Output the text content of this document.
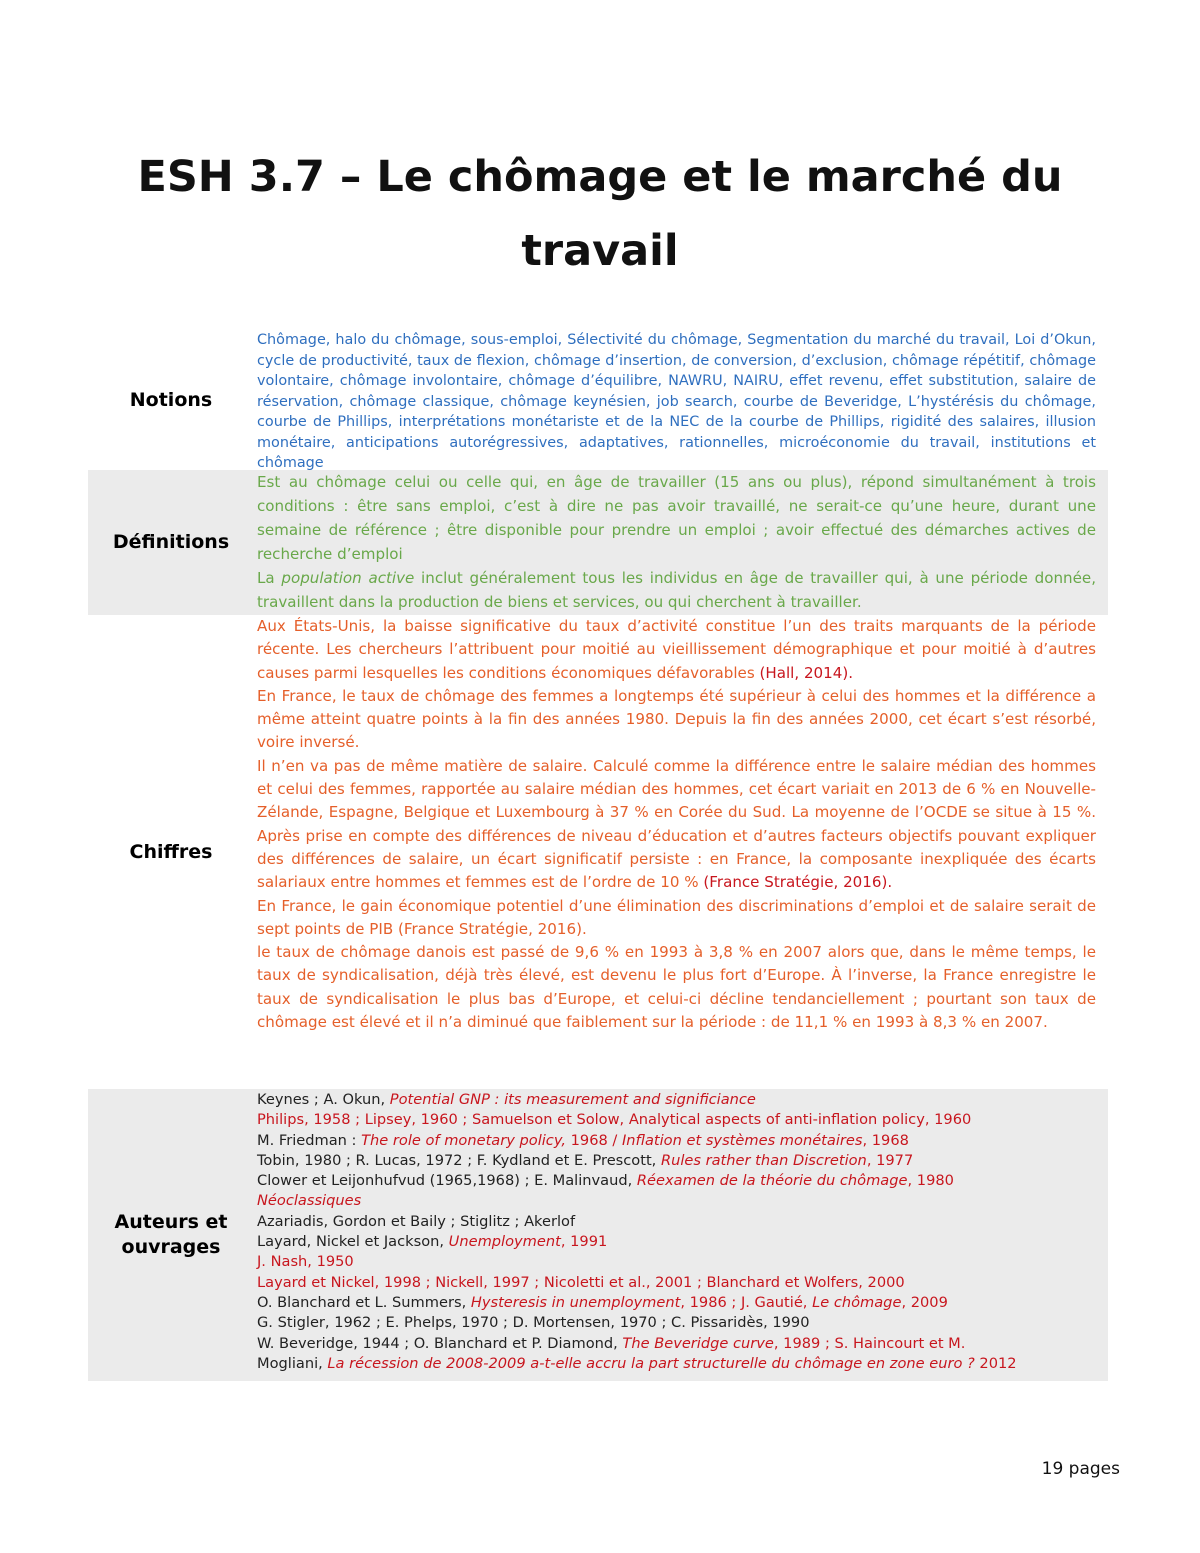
ESH 3.7 – Le chômage et le marché du travail
Notions

Chômage, halo du chômage, sous-emploi, Sélectivité du chômage, Segmentation du marché du travail, Loi d’Okun, cycle de productivité, taux de flexion, chômage d’insertion, de conversion, d’exclusion, chômage répétitif, chômage volontaire, chômage involontaire, chômage d’équilibre, NAWRU, NAIRU, effet revenu, effet substitution, salaire de réservation, chômage classique, chômage keynésien, job search, courbe de Beveridge, L’hystérésis du chômage, courbe de Phillips, interprétations monétariste et de la NEC de la courbe de Phillips, rigidité des salaires, illusion monétaire, anticipations autorégressives, adaptatives, rationnelles, microéconomie du travail, institutions et chômage

Définitions

Est au chômage celui ou celle qui, en âge de travailler (15 ans ou plus), répond simultanément à trois conditions : être sans emploi, c’est à dire ne pas avoir travaillé, ne serait-ce qu’une heure, durant une semaine de référence ; être disponible pour prendre un emploi ; avoir effectué des démarches actives de recherche d’emploi

La population active inclut généralement tous les individus en âge de travailler qui, à une période donnée, travaillent dans la production de biens et services, ou qui cherchent à travailler.

Chiffres

Aux États-Unis, la baisse significative du taux d’activité constitue l’un des traits marquants de la période récente. Les chercheurs l’attribuent pour moitié au vieillissement démographique et pour moitié à d’autres causes parmi lesquelles les conditions économiques défavorables (Hall, 2014).

En France, le taux de chômage des femmes a longtemps été supérieur à celui des hommes et la différence a même atteint quatre points à la fin des années 1980. Depuis la fin des années 2000, cet écart s’est résorbé, voire inversé.

Il n’en va pas de même matière de salaire. Calculé comme la différence entre le salaire médian des hommes et celui des femmes, rapportée au salaire médian des hommes, cet écart variait en 2013 de 6 % en Nouvelle-Zélande, Espagne, Belgique et Luxembourg à 37 % en Corée du Sud. La moyenne de l’OCDE se situe à 15 %. Après prise en compte des différences de niveau d’éducation et d’autres facteurs objectifs pouvant expliquer des différences de salaire, un écart significatif persiste : en France, la composante inexpliquée des écarts salariaux entre hommes et femmes est de l’ordre de 10 % (France Stratégie, 2016).

En France, le gain économique potentiel d’une élimination des discriminations d’emploi et de salaire serait de sept points de PIB (France Stratégie, 2016).

le taux de chômage danois est passé de 9,6 % en 1993 à 3,8 % en 2007 alors que, dans le même temps, le taux de syndicalisation, déjà très élevé, est devenu le plus fort d’Europe. À l’inverse, la France enregistre le taux de syndicalisation le plus bas d’Europe, et celui-ci décline tendanciellement ; pourtant son taux de chômage est élevé et il n’a diminué que faiblement sur la période : de 11,1 % en 1993 à 8,3 % en 2007.

Auteurs et ouvrages

Keynes ; A. Okun, Potential GNP : its measurement and significiance

Philips, 1958 ; Lipsey, 1960 ; Samuelson et Solow, Analytical aspects of anti-inflation policy, 1960

M. Friedman : The role of monetary policy, 1968 / Inflation et systèmes monétaires, 1968

Tobin, 1980 ; R. Lucas, 1972 ; F. Kydland et E. Prescott, Rules rather than Discretion, 1977

Clower et Leijonhufvud (1965,1968) ; E. Malinvaud, Réexamen de la théorie du chômage, 1980

Néoclassiques

Azariadis, Gordon et Baily ; Stiglitz ; Akerlof

Layard, Nickel et Jackson, Unemployment, 1991

J. Nash, 1950

Layard et Nickel, 1998 ; Nickell, 1997 ; Nicoletti et al., 2001 ; Blanchard et Wolfers, 2000

O. Blanchard et L. Summers, Hysteresis in unemployment, 1986 ; J. Gautié, Le chômage, 2009

G. Stigler, 1962 ; E. Phelps, 1970 ; D. Mortensen, 1970 ; C. Pissaridès, 1990

W. Beveridge, 1944 ; O. Blanchard et P. Diamond, The Beveridge curve, 1989 ; S. Haincourt et M.

Mogliani, La récession de 2008-2009 a-t-elle accru la part structurelle du chômage en zone euro ? 2012

19 pages
